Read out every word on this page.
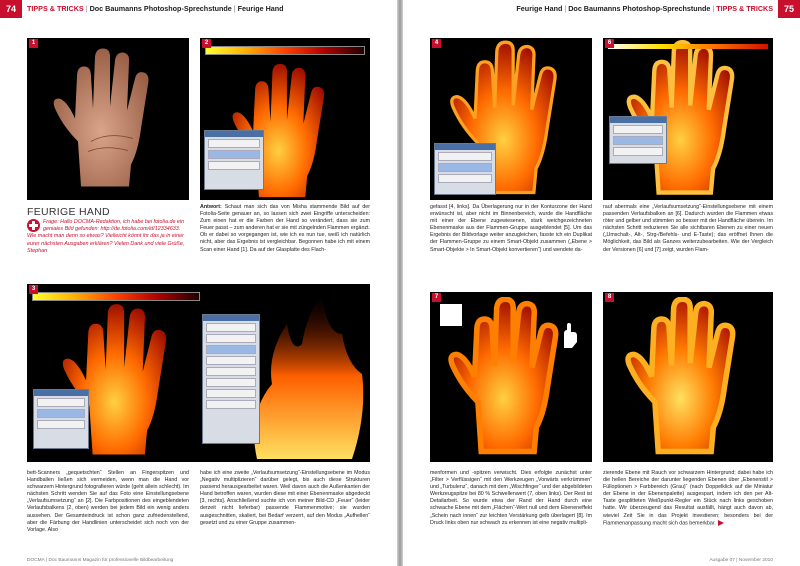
74	TIPPS & TRICKS | Doc Baumanns Photoshop-Sprechstunde | Feurige Hand
1	2
Antwort: Schaut man sich das von Misha stammende Bild auf der Fotolia-Seite genauer an, so lassen sich zwei Eingriffe unterscheiden: Zum einen hat er die Farben der Hand so verändert, dass sie zum Feuer passt – zum anderen hat er sie mit züngelnden Flammen ergänzt. Ob er dabei so vorgegangen ist, wie ich es nun tue, weiß ich natürlich nicht, aber das Ergebnis ist vergleichbar. Begonnen habe ich mit einem Scan einer Hand [1]. Da auf der Glasplatte des Flach-
FEURIGE HAND
Frage: Hallo DOCMA-Redaktion, ich habe bei fotolia.de ein geniales Bild gefunden: http://de.fotolia.com/id/12334633. Wie macht man denn so etwas? Vielleicht könnt ihr das ja in einer eurer nächsten Ausgaben erklären? Vielen Dank und viele Grüße, Stephan
3
bett-Scanners „gequetschten“ Stellen an Fingerspitzen und Handballen ließen sich vermeiden, wenn man die Hand vor schwarzem Hintergrund fotografieren würde (geht allein schlecht). Im nächsten Schritt wenden Sie auf das Foto eine Einstellungsebene „Verlaufsumsetzung“ an [2]. Die Farbpositionen des eingeblendeten Verlaufsbalkens (2, oben) werden bei jedem Bild ein wenig anders aussehen. Der Gesamteindruck ist schon ganz zufriedenstellend, aber die Färbung der Handlinien unterscheidet sich noch von der Vorlage. Also
habe ich eine zweite „Verlaufsumsetzung“-Einstellungsebene im Modus „Negativ multiplizieren“ darüber gelegt, bis auch diese Strukturen passend herausgearbeitet waren. Weil davon auch die Außenkanten der Hand betroffen waren, wurden diese mit einer Ebenenmaske abgedeckt [3, rechts]. Anschließend suchte ich von meiner Bild-CD „Feuer“ (leider derzeit nicht lieferbar) passende Flammenmotive; sie wurden ausgeschnitten, skaliert, bei Bedarf verzerrt, auf den Modus „Aufhellen“ gesetzt und zu einer Gruppe zusammen-
DOCMA | Doc Baumanns Magazin für professionelle Bildbearbeitung
Feurige Hand | Doc Baumanns Photoshop-Sprechstunde | TIPPS & TRICKS	75
4	6
gefasst [4, links]. Da Überlagerung nur in der Konturzone der Hand erwünscht ist, aber nicht im Binnenbereich, wurde die Handfläche mit einer der Ebene zugewiesenen, stark weichgezeichneten Ebenenmaske aus der Flammen-Gruppe ausgeblendet [5]. Um das Ergebnis der Bildvorlage weiter anzugleichen, fasste ich ein Duplikat der Flammen-Gruppe zu einem Smart-Objekt zusammen („Ebene > Smart-Objekte > In Smart-Objekt konvertieren“) und wendete da-
rauf abermals eine „Verlaufsumsetzung“-Einstellungsebene mit einem passenden Verlaufsbalken an [6]. Dadurch wurden die Flammen etwas röter und gelber und stimmten so besser mit der Handfläche überein. Im nächsten Schritt reduzieren Sie alle sichtbaren Ebenen zu einer neuen („Umschalt-, Alt-, Strg-/Befehls- und E-Taste); das eröffnet Ihnen die Möglichkeit, das Bild als Ganzes weiterzubearbeiten. Wie der Vergleich der Versionen [6] und [7] zeigt, wurden Flam-
7	8
menformen und -spitzen verwischt. Dies erfolgte zunächst unter „Filter > Verflüssigen“ mit den Werkzeugen „Vorwärts verkrümmen“ und „Turbulenz“, danach mit dem „Wischfinger“ und der abgebildeten Werkzeugspitze bei 80 % Schwellenwert (7, oben links). Der Rest ist Detailarbeit. So wurde etwa der Rand der Hand durch eine schwache Ebene mit dem „Flächen“-Wert null und dem Ebeneneffekt „Schein nach innen“ zur leichten Verstärkung gelb überlagert [8]. Im Druck links oben nur schwach zu erkennen ist eine negativ multipli-
zierende Ebene mit Rauch vor schwarzem Hintergrund; dabei habe ich die hellen Bereiche der darunter liegenden Ebenen über „Ebenenstil > Fülloptionen > Farbbereich (Grau)“ (nach Doppelklick auf die Miniatur der Ebene in der Ebenenpalette) ausgespart, indem ich den per Alt-Taste gesplitteten Weißpunkt-Regler ein Stück nach links geschoben hatte. Wir überzeugend das Resultat ausfällt, hängt auch davon ab, wieviel Zeit Sie in das Projekt investieren; besonders bei der Flammenanpassung macht sich das bemerkbar.
Ausgabe 07 | November 2010
